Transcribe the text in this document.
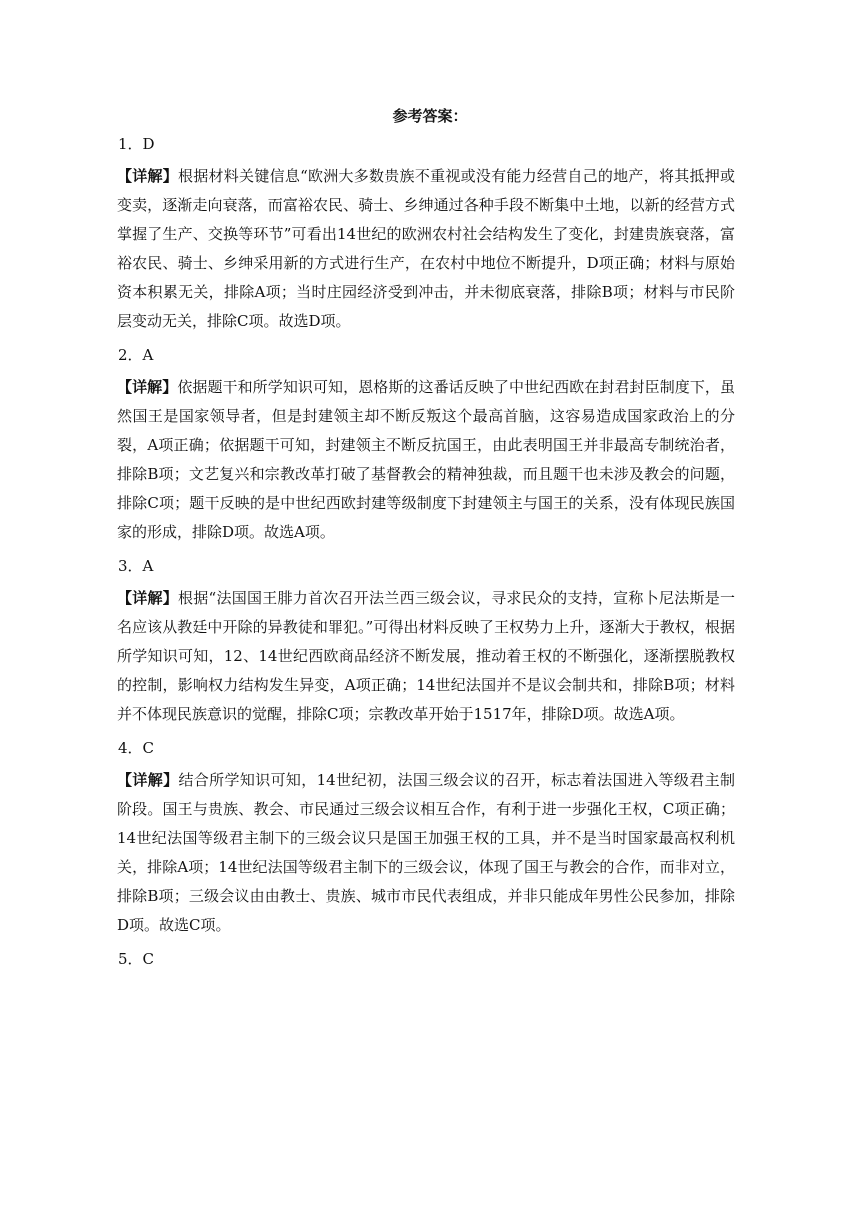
参考答案：
1．D
【详解】根据材料关键信息“欧洲大多数贵族不重视或没有能力经营自己的地产，将其抵押或变卖，逐渐走向衰落，而富裕农民、骑士、乡绅通过各种手段不断集中土地，以新的经营方式掌握了生产、交换等环节”可看出14世纪的欧洲农村社会结构发生了变化，封建贵族衰落，富裕农民、骑士、乡绅采用新的方式进行生产，在农村中地位不断提升，D项正确；材料与原始资本积累无关，排除A项；当时庄园经济受到冲击，并未彻底衰落，排除B项；材料与市民阶层变动无关，排除C项。故选D项。
2．A
【详解】依据题干和所学知识可知，恩格斯的这番话反映了中世纪西欧在封君封臣制度下，虽然国王是国家领导者，但是封建领主却不断反叛这个最高首脑，这容易造成国家政治上的分裂，A项正确；依据题干可知，封建领主不断反抗国王，由此表明国王并非最高专制统治者，排除B项；文艺复兴和宗教改革打破了基督教会的精神独裁，而且题干也未涉及教会的问题，排除C项；题干反映的是中世纪西欧封建等级制度下封建领主与国王的关系，没有体现民族国家的形成，排除D项。故选A项。
3．A
【详解】根据“法国国王腓力首次召开法兰西三级会议，寻求民众的支持，宣称卜尼法斯是一名应该从教廷中开除的异教徒和罪犯。”可得出材料反映了王权势力上升，逐渐大于教权，根据所学知识可知，12、14世纪西欧商品经济不断发展，推动着王权的不断强化，逐渐摆脱教权的控制，影响权力结构发生异变，A项正确；14世纪法国并不是议会制共和，排除B项；材料并不体现民族意识的觉醒，排除C项；宗教改革开始于1517年，排除D项。故选A项。
4．C
【详解】结合所学知识可知，14世纪初，法国三级会议的召开，标志着法国进入等级君主制阶段。国王与贵族、教会、市民通过三级会议相互合作，有利于进一步强化王权，C项正确；14世纪法国等级君主制下的三级会议只是国王加强王权的工具，并不是当时国家最高权利机关，排除A项；14世纪法国等级君主制下的三级会议，体现了国王与教会的合作，而非对立，排除B项；三级会议由由教士、贵族、城市市民代表组成，并非只能成年男性公民参加，排除D项。故选C项。
5．C
